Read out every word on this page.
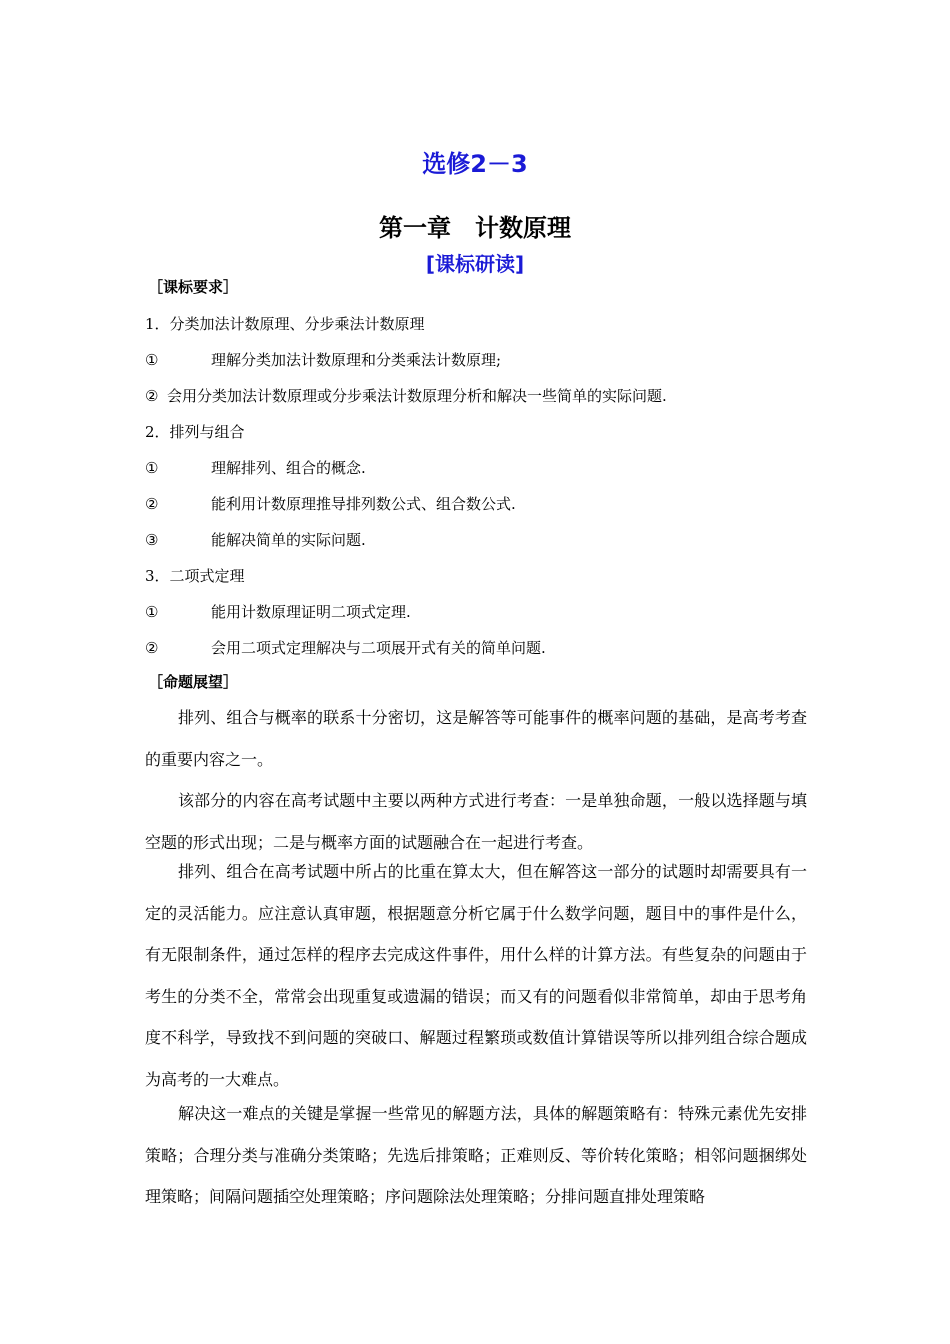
选修2－3
第一章　计数原理
[课标研读]
［课标要求］
1．分类加法计数原理、分步乘法计数原理
①	理解分类加法计数原理和分类乘法计数原理;
② 会用分类加法计数原理或分步乘法计数原理分析和解决一些简单的实际问题.
2．排列与组合
①	理解排列、组合的概念.
②	能利用计数原理推导排列数公式、组合数公式.
③	能解决简单的实际问题.
3．二项式定理
①	能用计数原理证明二项式定理.
②	会用二项式定理解决与二项展开式有关的简单问题.
［命题展望］
排列、组合与概率的联系十分密切，这是解答等可能事件的概率问题的基础，是高考考查的重要内容之一。
该部分的内容在高考试题中主要以两种方式进行考查：一是单独命题，一般以选择题与填空题的形式出现；二是与概率方面的试题融合在一起进行考查。
排列、组合在高考试题中所占的比重在算太大，但在解答这一部分的试题时却需要具有一定的灵活能力。应注意认真审题，根据题意分析它属于什么数学问题，题目中的事件是什么，有无限制条件，通过怎样的程序去完成这件事件，用什么样的计算方法。有些复杂的问题由于考生的分类不全，常常会出现重复或遗漏的错误；而又有的问题看似非常简单，却由于思考角度不科学，导致找不到问题的突破口、解题过程繁琐或数值计算错误等所以排列组合综合题成为高考的一大难点。
解决这一难点的关键是掌握一些常见的解题方法，具体的解题策略有：特殊元素优先安排策略；合理分类与准确分类策略；先选后排策略；正难则反、等价转化策略；相邻问题捆绑处理策略；间隔问题插空处理策略；序问题除法处理策略；分排问题直排处理策略
